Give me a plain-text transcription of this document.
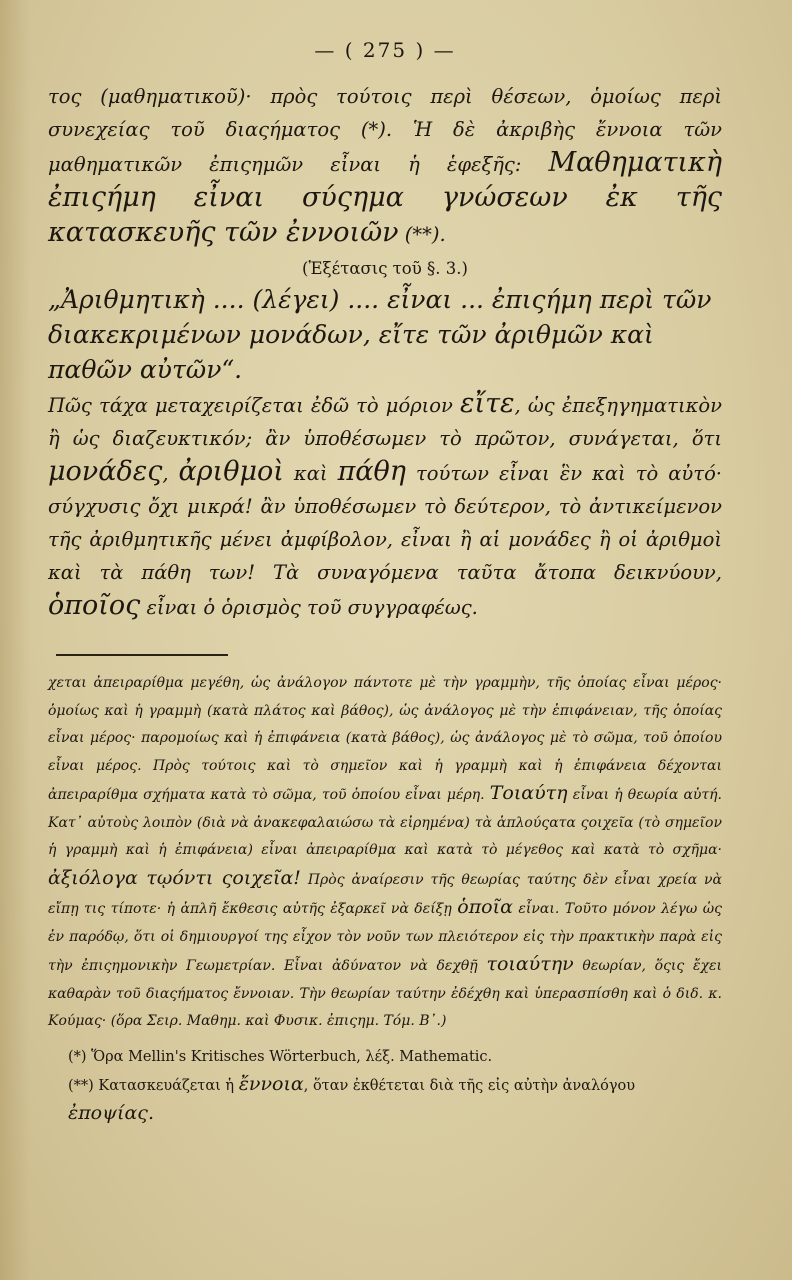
— ( 275 ) —

τος (μαθηματικοῦ)· πρὸς τούτοις περὶ θέσεων, ὁμοίως περὶ συνεχείας τοῦ διαςήματος (*). Ἡ δὲ ἀκριβὴς ἔννοια τῶν μαθηματικῶν ἐπιςημῶν εἶναι ἡ ἑφεξῆς: Μαθηματικὴ ἐπιςήμη εἶναι σύςημα γνώσεων ἐκ τῆς κατασκευῆς τῶν ἐννοιῶν (**).

(Ἐξέτασις τοῦ §. 3.)

„Ἀριθμητικὴ .... (λέγει) .... εἶναι ... ἐπιςήμη περὶ τῶν διακεκριμένων μονάδων, εἴτε τῶν ἀριθμῶν καὶ παθῶν αὐτῶν“.

Πῶς τάχα μεταχειρίζεται ἐδῶ τὸ μόριον εἴτε, ὡς ἐπεξηγηματικὸν ἢ ὡς διαζευκτικόν; ἂν ὑποθέσωμεν τὸ πρῶτον, συνάγεται, ὅτι μονάδες, ἀριθμοὶ καὶ πάθη τούτων εἶναι ἓν καὶ τὸ αὐτό· σύγχυσις ὄχι μικρά! ἂν ὑποθέσωμεν τὸ δεύτερον, τὸ ἀντικείμενον τῆς ἀριθμητικῆς μένει ἀμφίβολον, εἶναι ἢ αἱ μονάδες ἢ οἱ ἀριθμοὶ καὶ τὰ πάθη των! Τὰ συναγόμενα ταῦτα ἄτοπα δεικνύουν, ὁποῖος εἶναι ὁ ὁρισμὸς τοῦ συγγραφέως.

χεται ἀπειραρίθμα μεγέθη, ὡς ἀνάλογον πάντοτε μὲ τὴν γραμμὴν, τῆς ὁποίας εἶναι μέρος· ὁμοίως καὶ ἡ γραμμὴ (κατὰ πλάτος καὶ βάθος), ὡς ἀνάλογος μὲ τὴν ἐπιφάνειαν, τῆς ὁποίας εἶναι μέρος· παρομοίως καὶ ἡ ἐπιφάνεια (κατὰ βάθος), ὡς ἀνάλογος μὲ τὸ σῶμα, τοῦ ὁποίου εἶναι μέρος. Πρὸς τούτοις καὶ τὸ σημεῖον καὶ ἡ γραμμὴ καὶ ἡ ἐπιφάνεια δέχονται ἀπειραρίθμα σχήματα κατὰ τὸ σῶμα, τοῦ ὁποίου εἶναι μέρη. Τοιαύτη εἶναι ἡ θεωρία αὐτή. Κατ᾽ αὐτοὺς λοιπὸν (διὰ νὰ ἀνακεφαλαιώσω τὰ εἰρημένα) τὰ ἁπλούςατα ςοιχεῖα (τὸ σημεῖον ἡ γραμμὴ καὶ ἡ ἐπιφάνεια) εἶναι ἀπειραρίθμα καὶ κατὰ τὸ μέγεθος καὶ κατὰ τὸ σχῆμα· ἀξιόλογα τῳόντι ςοιχεῖα! Πρὸς ἀναίρεσιν τῆς θεωρίας ταύτης δὲν εἶναι χρεία νὰ εἴπῃ τις τίποτε· ἡ ἁπλῆ ἔκθεσις αὐτῆς ἐξαρκεῖ νὰ δείξῃ ὁποῖα εἶναι. Τοῦτο μόνον λέγω ὡς ἐν παρόδῳ, ὅτι οἱ δημιουργοί της εἶχον τὸν νοῦν των πλειότερον εἰς τὴν πρακτικὴν παρὰ εἰς τὴν ἐπιςημονικὴν Γεωμετρίαν. Εἶναι ἀδύνατον νὰ δεχθῇ τοιαύτην θεωρίαν, ὅςις ἔχει καθαρὰν τοῦ διαςήματος ἔννοιαν. Τὴν θεωρίαν ταύτην ἐδέχθη καὶ ὑπερασπίσθη καὶ ὁ διδ. κ. Κούμας· (ὅρα Σειρ. Μαθημ. καὶ Φυσικ. ἐπιςημ. Τόμ. Β᾽.)

(*) Ὅρα Mellin's Kritisches Wörterbuch, λέξ. Mathematic.

(**) Κατασκευάζεται ἡ ἔννοια, ὅταν ἐκθέτεται διὰ τῆς εἰς αὐτὴν ἀναλόγου ἐποψίας.
